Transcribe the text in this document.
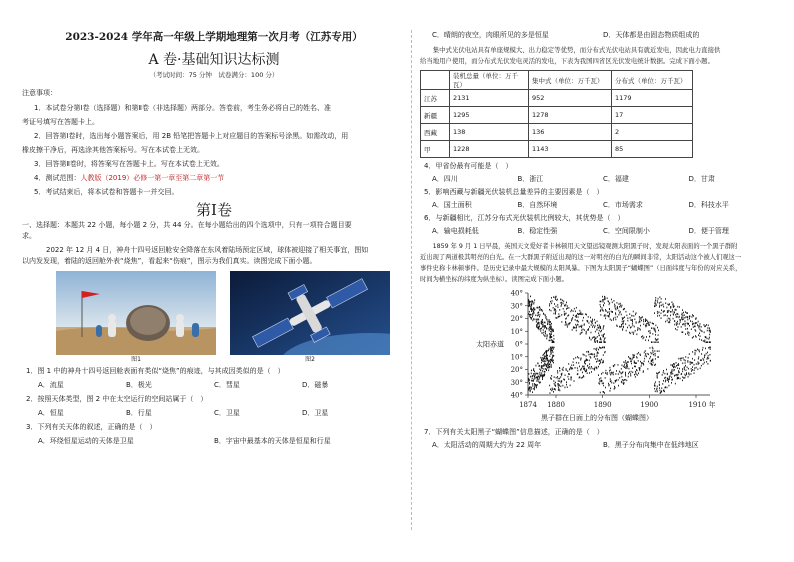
2023-2024 学年高一年级上学期地理第一次月考（江苏专用）
A 卷·基础知识达标测
（考试时间：75 分钟　试卷满分：100 分）
注意事项：
1．本试卷分第Ⅰ卷（选择题）和第Ⅱ卷（非选择题）两部分。答卷前，考生务必将自己的姓名、准
考证号填写在答题卡上。
2．回答第Ⅰ卷时，选出每小题答案后，用 2B 铅笔把答题卡上对应题目的答案标号涂黑。如需改动，用
橡皮擦干净后，再选涂其他答案标号。写在本试卷上无效。
3．回答第Ⅱ卷时，将答案写在答题卡上。写在本试卷上无效。
4．测试范围：人教版（2019）必修一第一章至第二章第一节
5．考试结束后，将本试卷和答题卡一并交回。
第Ⅰ卷
一、选择题：本题共 22 小题，每小题 2 分，共 44 分。在每小题给出的四个选项中，只有一项符合题目要
求。
2022 年 12 月 4 日，神舟十四号返回舱安全降落在东风着陆场预定区域，球体被迎接了相关事宜，图如
以内发发现，着陆的返回舱外表“烧焦”，看起来“伤痕”，图示为我们真实。读图完成下面小题。
图1	图2
1．图 1 中的神舟十四号返回舱表面有类似“烧焦”的痕迹，与其成因类似的是（　）
A．流星	B．极光	C．彗星	D．磁暴
2．按照天体类型，图 2 中在太空运行的空间站属于（　）
A．恒星	B．行星	C．卫星	D．卫星
3．下列有关天体的叙述，正确的是（　）
A．环绕恒星运动的天体是卫星	B．宇宙中最基本的天体是恒星和行星
C．晴朗的夜空，肉眼所见的多是恒星	D．天体都是由固态物质组成的
　　集中式光伏电站具有单座规模大、出力稳定等优势，而分布式光伏电站具有就近发电，因此电力直接供
给当地用户使用，而分布式光伏发电灵活的发电，下表为我国四省区光伏发电统计数据。完成下面小题。
	装机总量（单位：万千瓦）	集中式（单位：万千瓦）	分布式（单位：万千瓦）
江苏	2131	952	1179
新疆	1295	1278	17
西藏	138	136	2
甲	1228	1143	85
4．甲省份最有可能是（　）
A．四川	B．浙江	C．福建	D．甘肃
5．影响西藏与新疆光伏装机总量差异的主要因素是（　）
A．国土面积	B．自然环境	C．市场需求	D．科技水平
6．与新疆相比，江苏分布式光伏装机比例较大，其优势是（　）
A．输电损耗低	B．稳定性强	C．空间限制小	D．便于管理
　　1859 年 9 月 1 日早晨，英国天文爱好者卡林顿用天文望远镜观测太阳黑子时，发现太阳表面的一个黑子群附
近出现了两道极其明亮的白光。在一大群黑子附近出现的这一对明亮的白光的瞬间非常，太阳活动这个被人们观这一
事件史称卡林顿事件。是历史记录中最大规模的太阳风暴。下图为太阳黑子“蝴蝶图”（日面纬度与年份的对应关系，
时间为横坐标的纬度为纵坐标）。读图完成下面小题。
40°
30°
20°
10°
0°
10°
20°
30°
40°
太阳赤道
1874 1880	1890	1900	1910 年
黑子群在日面上的分布图（蝴蝶图）
7．下列有关太阳黑子“蝴蝶图”信息描述，正确的是（　）
A．太阳活动的周期大约为 22 周年	B．黑子分布向集中在低纬地区
